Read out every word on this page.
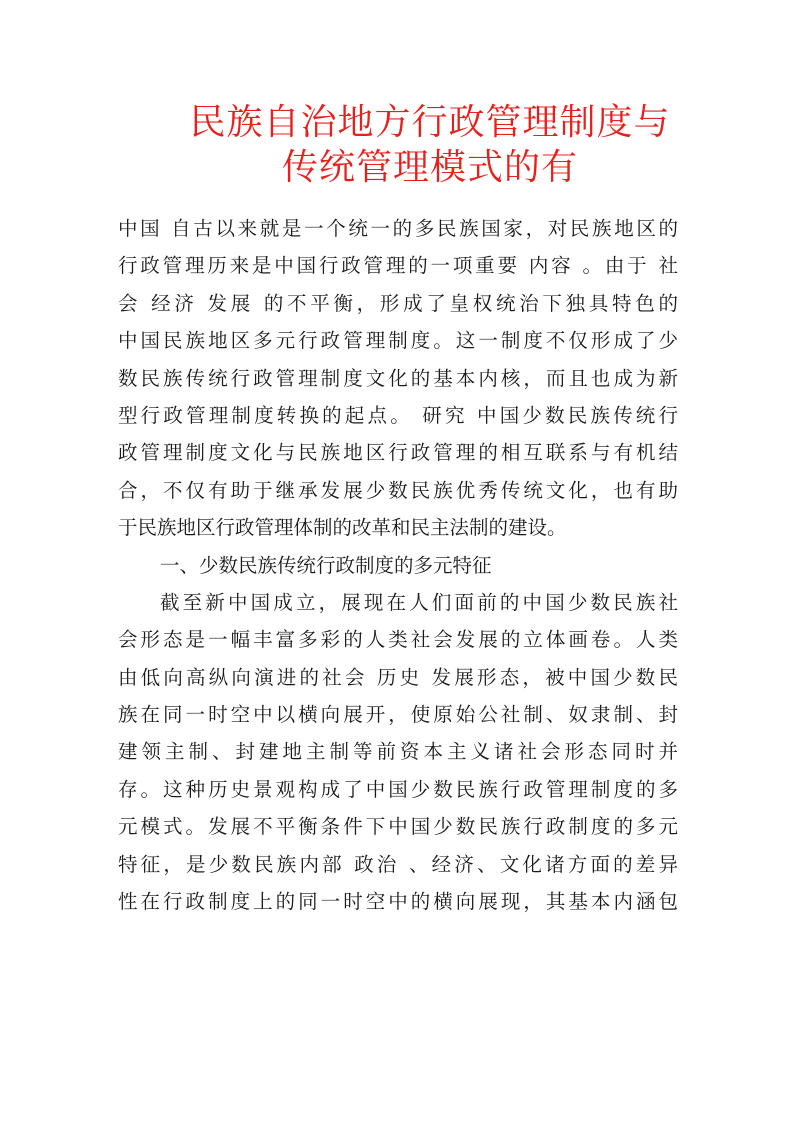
民族自治地方行政管理制度与
传统管理模式的有
中国 自古以来就是一个统一的多民族国家，对民族地区的
行政管理历来是中国行政管理的一项重要 内容 。由于 社
会 经济 发展 的不平衡，形成了皇权统治下独具特色的
中国民族地区多元行政管理制度。这一制度不仅形成了少
数民族传统行政管理制度文化的基本内核，而且也成为新
型行政管理制度转换的起点。 研究 中国少数民族传统行
政管理制度文化与民族地区行政管理的相互联系与有机结
合，不仅有助于继承发展少数民族优秀传统文化，也有助
于民族地区行政管理体制的改革和民主法制的建设。
一、少数民族传统行政制度的多元特征
截至新中国成立，展现在人们面前的中国少数民族社
会形态是一幅丰富多彩的人类社会发展的立体画卷。人类
由低向高纵向演进的社会 历史 发展形态，被中国少数民
族在同一时空中以横向展开，使原始公社制、奴隶制、封
建领主制、封建地主制等前资本主义诸社会形态同时并
存。这种历史景观构成了中国少数民族行政管理制度的多
元模式。发展不平衡条件下中国少数民族行政制度的多元
特征，是少数民族内部 政治 、经济、文化诸方面的差异
性在行政制度上的同一时空中的横向展现，其基本内涵包
